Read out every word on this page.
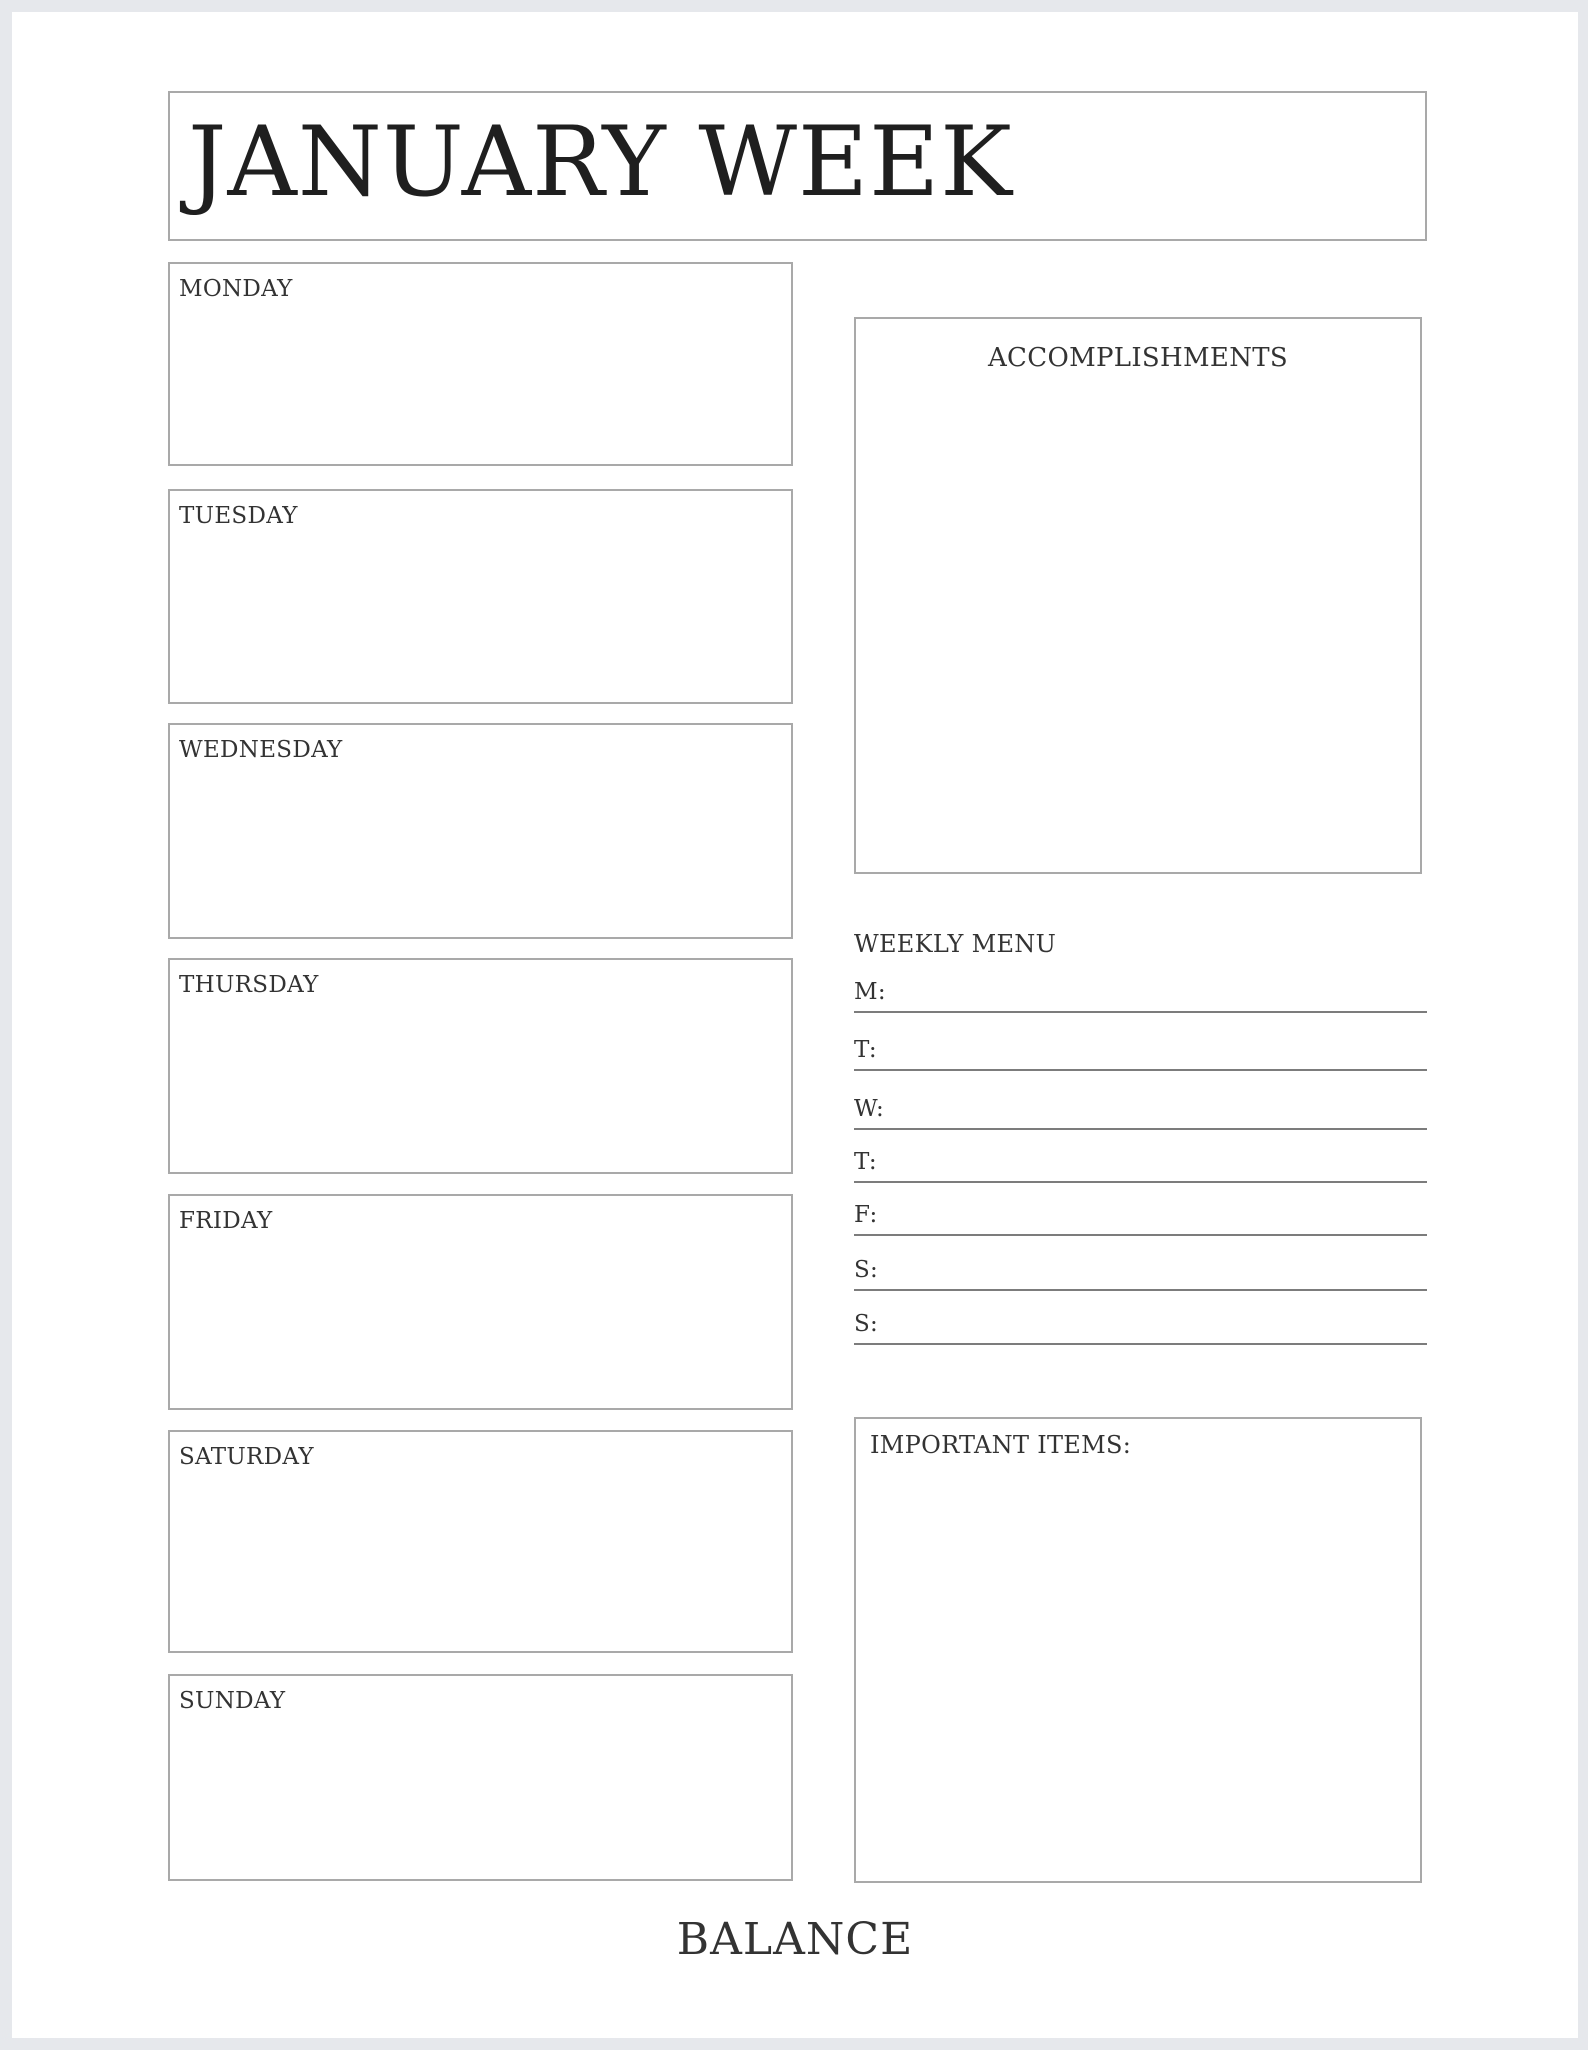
JANUARY WEEK
MONDAY
TUESDAY
WEDNESDAY
THURSDAY
FRIDAY
SATURDAY
SUNDAY
ACCOMPLISHMENTS
WEEKLY MENU
M:
T:
W:
T:
F:
S:
S:
IMPORTANT ITEMS:
BALANCE
